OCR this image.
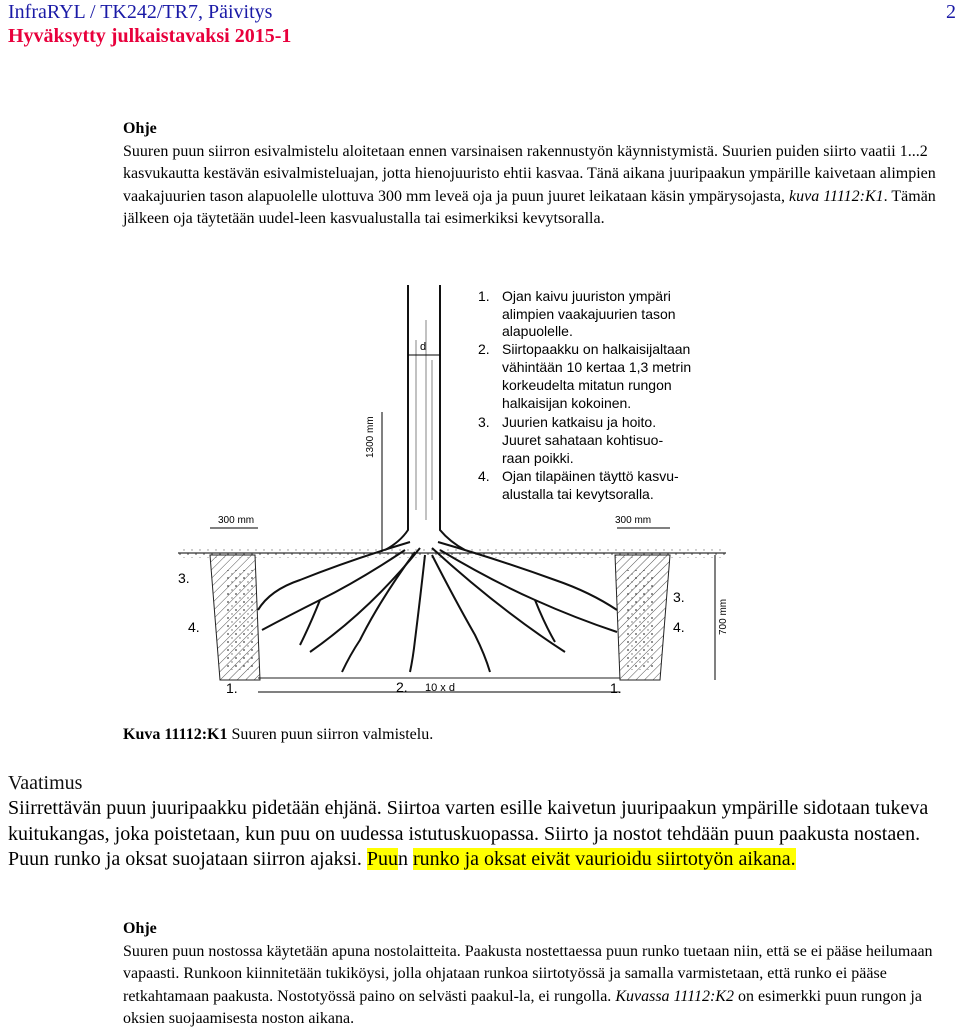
InfraRYL / TK242/TR7, Päivitys
Hyväksytty julkaistavaksi 2015-1
2
Ohje
Suuren puun siirron esivalmistelu aloitetaan ennen varsinaisen rakennustyön käynnistymistä. Suurien puiden siirto vaatii 1...2 kasvukautta kestävän esivalmisteluajan, jotta hienojuuristo ehtii kasvaa. Tänä aikana juuripaakun ympärille kaivetaan alimpien vaakajuurien tason alapuolelle ulottuva 300 mm leveä oja ja puun juuret leikataan käsin ympärysojasta, kuva 11112:K1. Tämän jälkeen oja täytetään uudel-leen kasvualustalla tai esimerkiksi kevytsoralla.
d
1300 mm
300 mm	300 mm
700 mm
10 x d
3.
4.
1.	2.	1.
3.
4.
1. Ojan kaivu juuriston ympäri
alimpien vaakajuurien tason
alapuolelle.
2. Siirtopaakku on halkaisijaltaan
vähintään 10 kertaa 1,3 metrin
korkeudelta mitatun rungon
halkaisijan kokoinen.
3. Juurien katkaisu ja hoito.
Juuret sahataan kohtisuo-
raan poikki.
4. Ojan tilapäinen täyttö kasvu-
alustalla tai kevytsoralla.
Kuva 11112:K1 Suuren puun siirron valmistelu.
Vaatimus
Siirrettävän puun juuripaakku pidetään ehjänä. Siirtoa varten esille kaivetun juuripaakun ympärille sidotaan tukeva kuitukangas, joka poistetaan, kun puu on uudessa istutuskuopassa. Siirto ja nostot tehdään puun paakusta nostaen. Puun runko ja oksat suojataan siirron ajaksi. Puun runko ja oksat eivät vaurioidu siirtotyön aikana.
Ohje
Suuren puun nostossa käytetään apuna nostolaitteita. Paakusta nostettaessa puun runko tuetaan niin, että se ei pääse heilumaan vapaasti. Runkoon kiinnitetään tukiköysi, jolla ohjataan runkoa siirtotyössä ja samalla varmistetaan, että runko ei pääse retkahtamaan paakusta. Nostotyössä paino on selvästi paakul-la, ei rungolla. Kuvassa 11112:K2 on esimerkki puun rungon ja oksien suojaamisesta noston aikana.
